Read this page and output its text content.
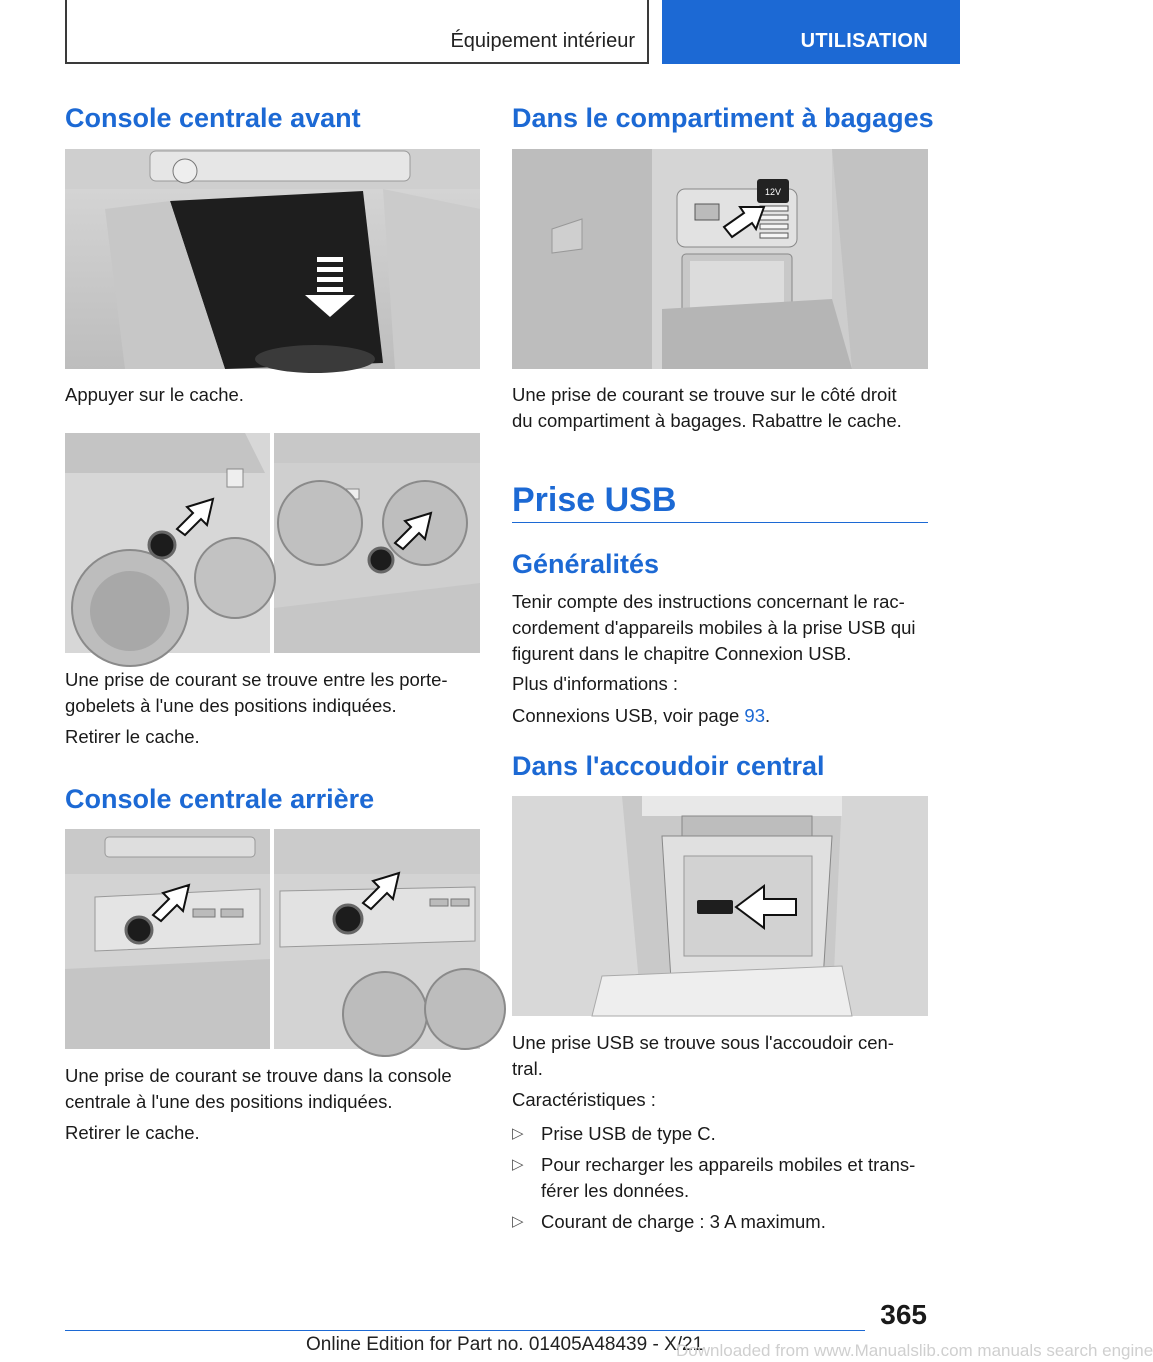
Équipement intérieur	UTILISATION
Console centrale avant
Appuyer sur le cache.
Une prise de courant se trouve entre les porte-
gobelets à l'une des positions indiquées.
Retirer le cache.
Console centrale arrière
Une prise de courant se trouve dans la console
centrale à l'une des positions indiquées.
Retirer le cache.
Dans le compartiment à bagages
12V
Une prise de courant se trouve sur le côté droit
du compartiment à bagages. Rabattre le cache.
Prise USB
Généralités
Tenir compte des instructions concernant le rac-
cordement d'appareils mobiles à la prise USB qui
figurent dans le chapitre Connexion USB.
Plus d'informations :
Connexions USB, voir page 93.
Dans l'accoudoir central
Une prise USB se trouve sous l'accoudoir cen-
tral.
Caractéristiques :
▷ Prise USB de type C.
▷ Pour recharger les appareils mobiles et trans-
férer les données.
▷ Courant de charge : 3 A maximum.
365
Online Edition for Part no. 01405A48439 - X/21
Downloaded from www.Manualslib.com manuals search engine
